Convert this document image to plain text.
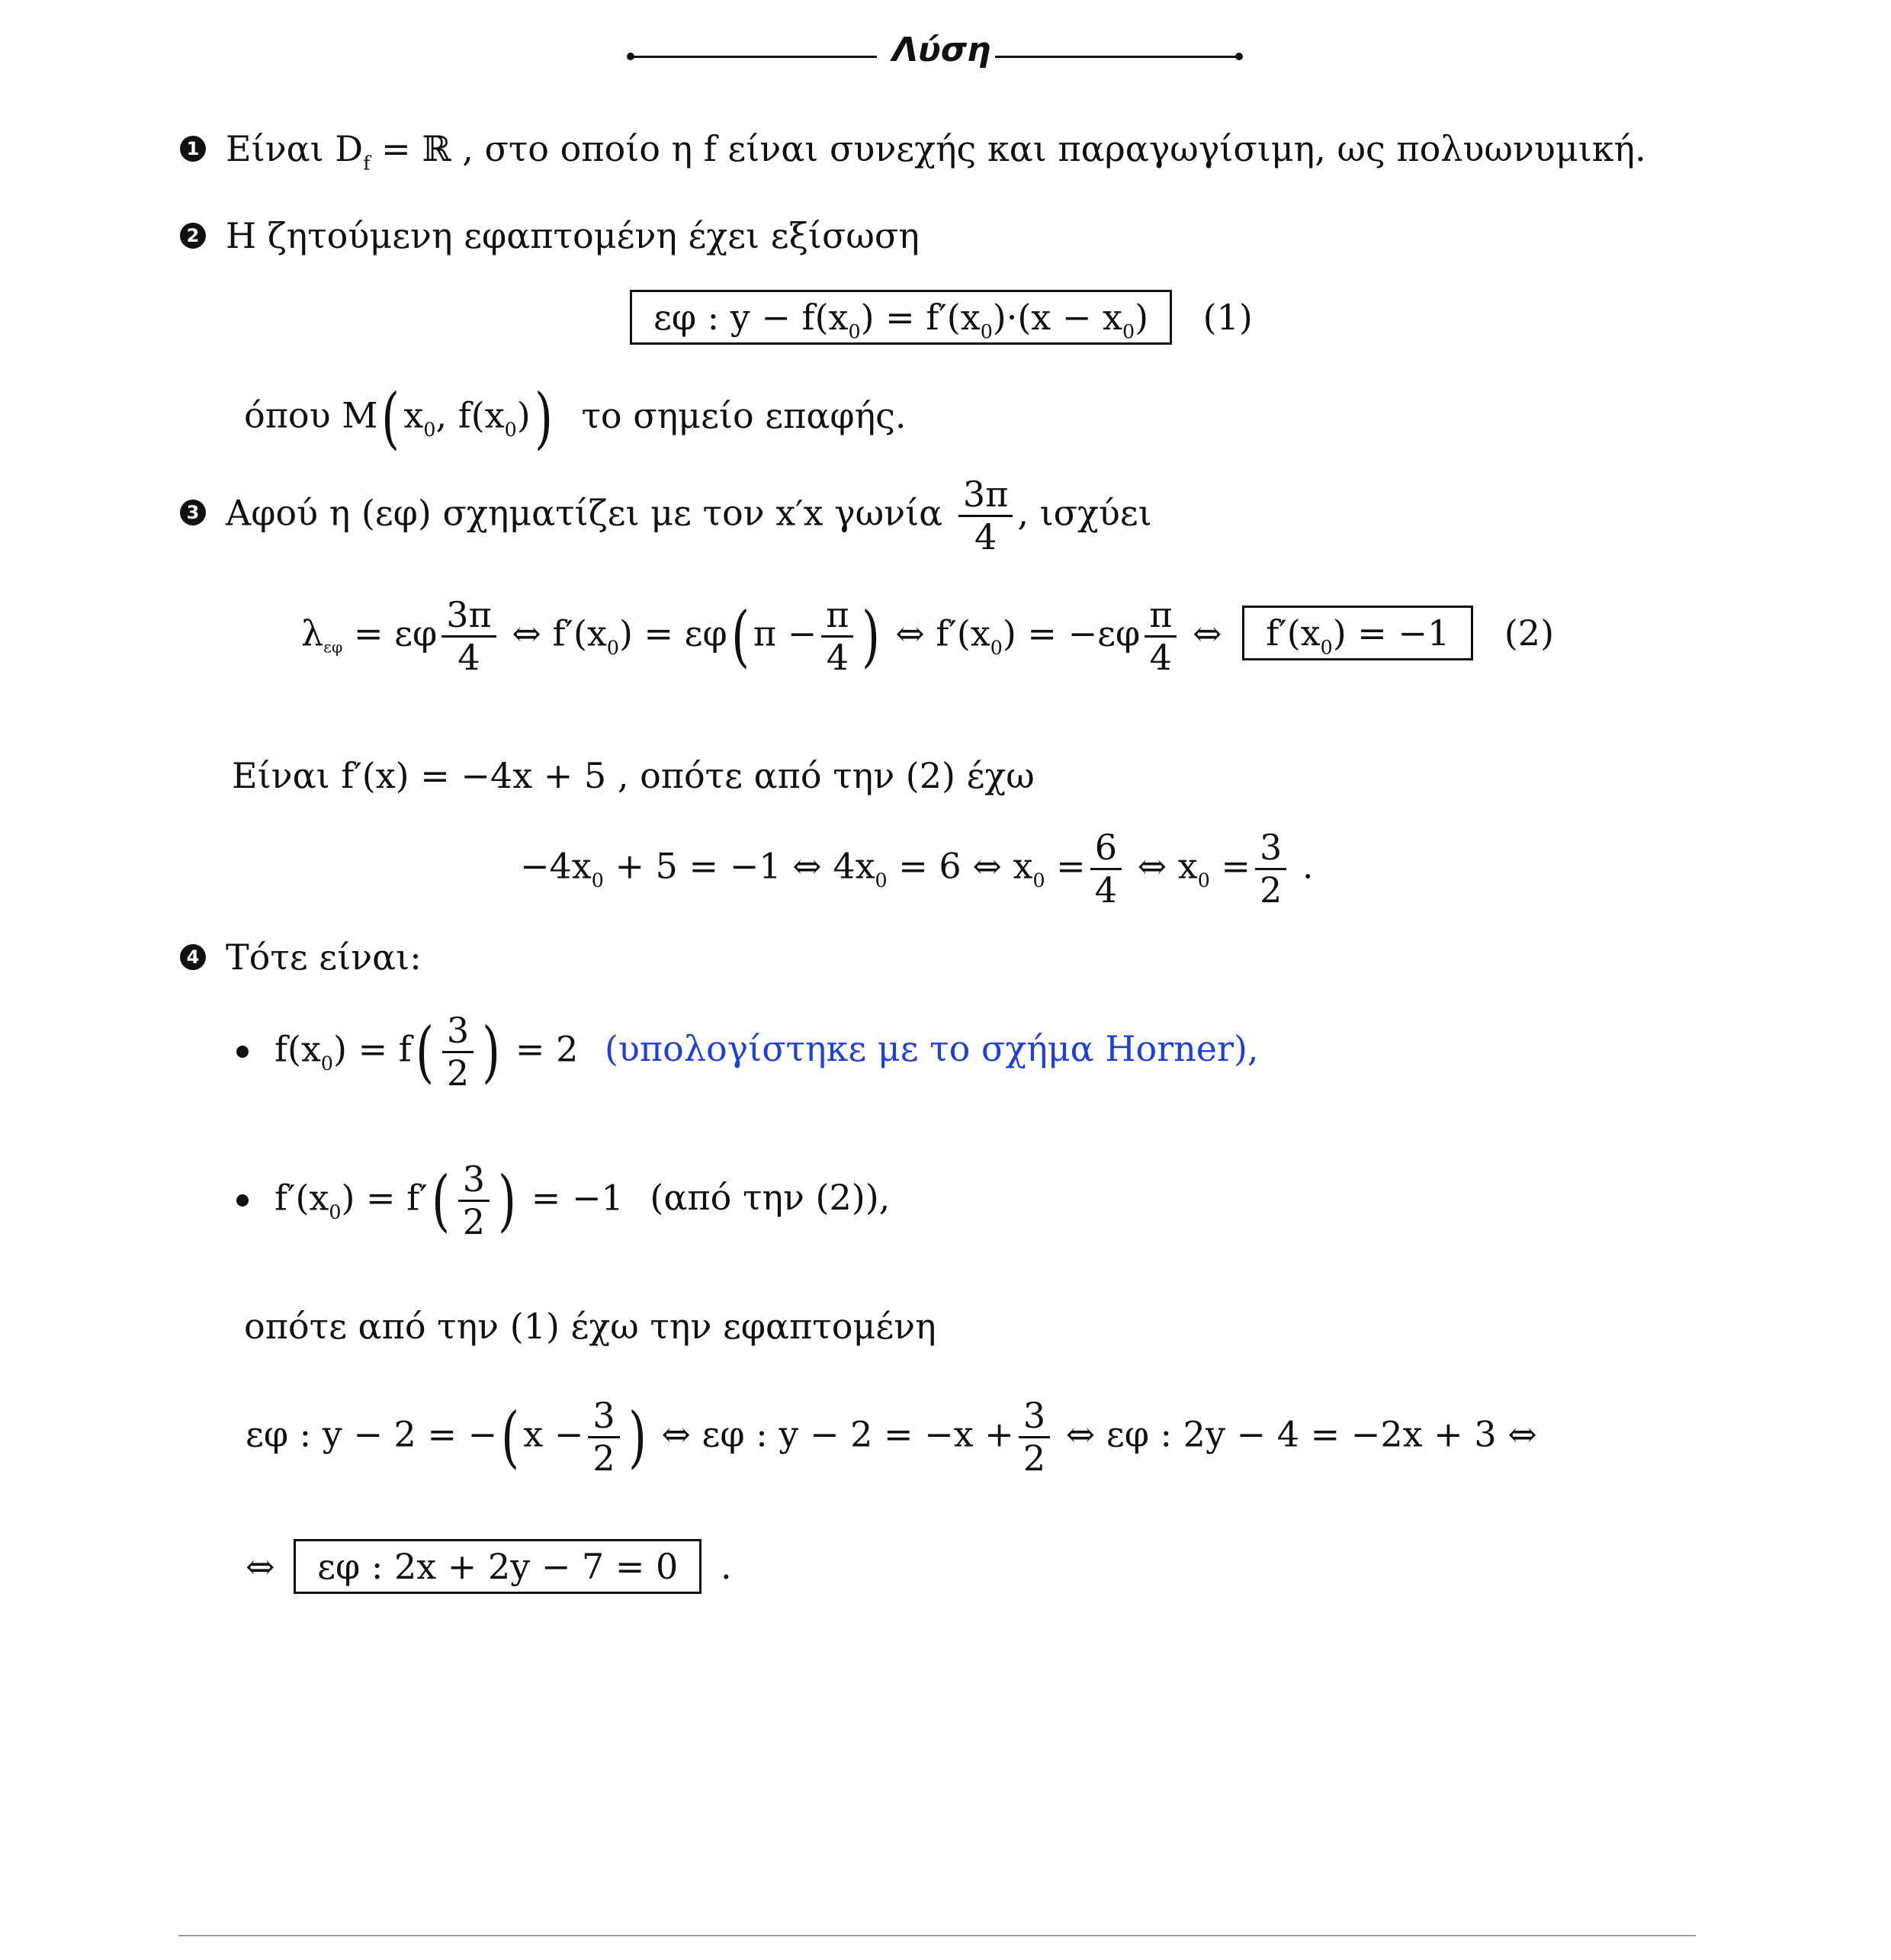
Λύση
1 Είναι $D_f$ = ℝ , στο οποίο η f είναι συνεχής και παραγωγίσιμη, ως πολυωνυμική.
2 Η ζητούμενη εφαπτομένη έχει εξίσωση
εφ : $y - f(x_0) = f'(x_0)\cdot(x - x_0)$ (1)
όπου M( $x_0$, $f(x_0)$) το σημείο επαφής.
3 Αφού η (εφ) σχηματίζει με τον x′x γωνία $\frac{3\pi}{4}$ , ισχύει
$\lambda_{\varepsilon\varphi} = \varepsilon\varphi \frac{3\pi}{4}$ ⇔ $f'(x_0) = \varepsilon\varphi$( $\pi - \frac{\pi}{4}$ ) ⇔ $f'(x_0) = -\varepsilon\varphi \frac{\pi}{4}$ ⇔ $f'(x_0) = -1$ (2)
Είναι f′(x) = −4x + 5 , οπότε από την (2) έχω
$-4x_0 + 5 = -1$ ⇔ $4x_0 = 6$ ⇔ $x_0 = \frac{6}{4}$ ⇔ $x_0 = \frac{3}{2}$ .
4 Τότε είναι:
$f(x_0) = f( \frac{3}{2}$ ) = 2 (υπολογίστηκε με το σχήμα Horner),
$f'(x_0) = f'( \frac{3}{2}$ ) = −1 (από την (2)),
οπότε από την (1) έχω την εφαπτομένη
εφ : y − 2 = −( $x - \frac{3}{2}$ ) ⇔ εφ : $y - 2 = -x + \frac{3}{2}$ ⇔ εφ : 2y − 4 = −2x + 3 ⇔
⇔ εφ : 2x + 2y − 7 = 0 .
